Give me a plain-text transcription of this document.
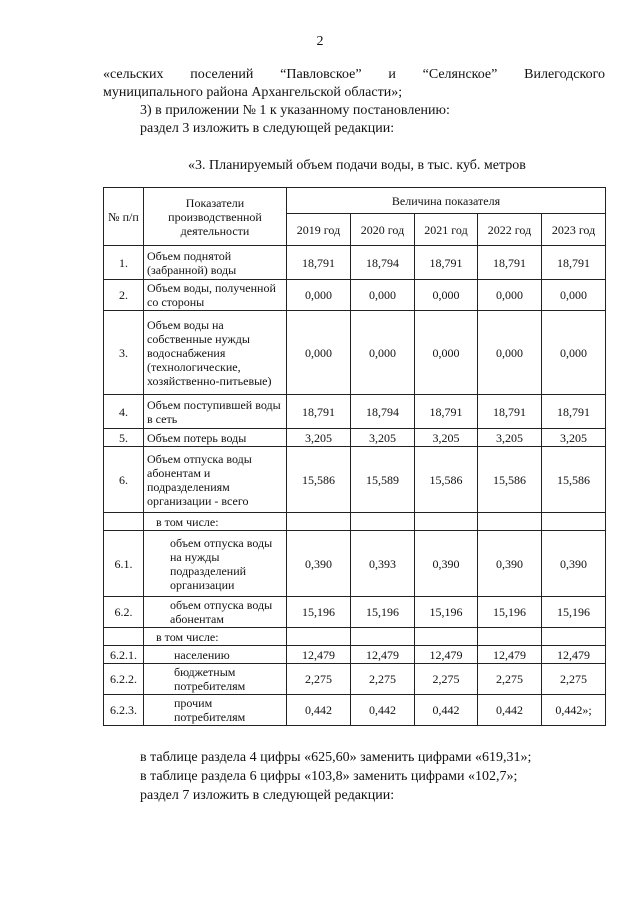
2
«сельских поселений “Павловское” и “Селянское” Вилегодского
муниципального района Архангельской области»;
3) в приложении № 1 к указанному постановлению:
раздел 3 изложить в следующей редакции:
«3. Планируемый объем подачи воды, в тыс. куб. метров
№ п/п	Показатели производственной деятельности	Величина показателя				
		2019 год	2020 год	2021 год	2022 год	2023 год
1.	Объем поднятой (забранной) воды	18,791	18,794	18,791	18,791	18,791
2.	Объем воды, полученной со стороны	0,000	0,000	0,000	0,000	0,000
3.	Объем воды на собственные нужды водоснабжения (технологические, хозяйственно-питьевые)	0,000	0,000	0,000	0,000	0,000
4.	Объем поступившей воды в сеть	18,791	18,794	18,791	18,791	18,791
5.	Объем потерь воды	3,205	3,205	3,205	3,205	3,205
6.	Объем отпуска воды абонентам и подразделениям организации - всего	15,586	15,589	15,586	15,586	15,586
	в том числе:					
6.1.	объем отпуска воды на нужды подразделений организации	0,390	0,393	0,390	0,390	0,390
6.2.	объем отпуска воды абонентам	15,196	15,196	15,196	15,196	15,196
	в том числе:					
6.2.1.	населению	12,479	12,479	12,479	12,479	12,479
6.2.2.	бюджетным потребителям	2,275	2,275	2,275	2,275	2,275
6.2.3.	прочим потребителям	0,442	0,442	0,442	0,442	0,442»;
в таблице раздела 4 цифры «625,60» заменить цифрами «619,31»;
в таблице раздела 6 цифры «103,8» заменить цифрами «102,7»;
раздел 7 изложить в следующей редакции:
